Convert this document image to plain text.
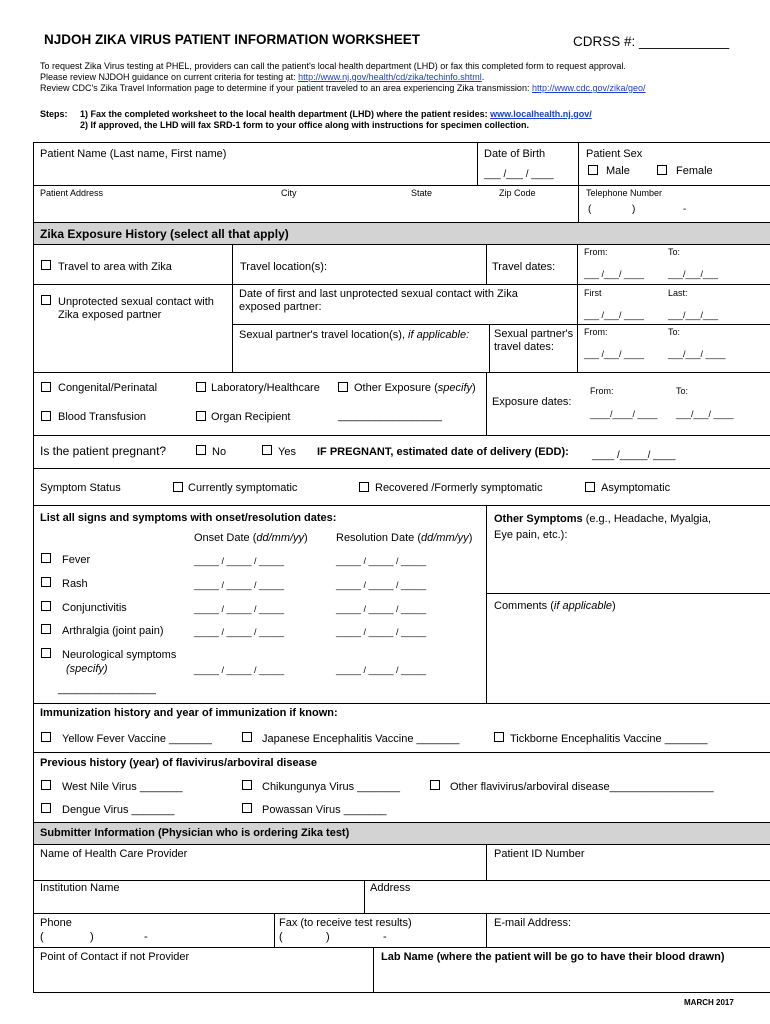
NJDOH ZIKA VIRUS PATIENT INFORMATION WORKSHEET	CDRSS #: ____________
To request Zika Virus testing at PHEL, providers can call the patient's local health department (LHD) or fax this completed form to request approval.
Please review NJDOH guidance on current criteria for testing at: http://www.nj.gov/health/cd/zika/techinfo.shtml.
Review CDC's Zika Travel Information page to determine if your patient traveled to an area experiencing Zika transmission: http://www.cdc.gov/zika/geo/
Steps: 1) Fax the completed worksheet to the local health department (LHD) where the patient resides: www.localhealth.nj.gov/
2) If approved, the LHD will fax SRD-1 form to your office along with instructions for specimen collection.
Patient Name (Last name, First name)	Date of Birth
___ /___ / ____
Patient Sex
Male	Female
Patient Address	City	State	Zip Code	Telephone Number
(	)	-
Zika Exposure History (select all that apply)
Travel to area with Zika	Travel location(s):	Travel dates:
From:	To:
___ /___/ ____	___/___/___
Unprotected sexual contact with
Zika exposed partner
Date of first and last unprotected sexual contact with Zika
exposed partner:
First	Last:
___ /___/ ____	___/___/___
Sexual partner's travel location(s), if applicable: Sexual partner's
travel dates:
From:	To:
___ /___/ ____	___/___/ ____
Congenital/Perinatal	Laboratory/Healthcare	Other Exposure (specify)
Blood Transfusion	Organ Recipient	_________________
Exposure dates:
From:	To:
____/____/ ____ ___/___/ ____
Is the patient pregnant?	No	Yes IF PREGNANT, estimated date of delivery (EDD): ____ /_____/ ____
Symptom Status	Currently symptomatic	Recovered /Formerly symptomatic	Asymptomatic
List all signs and symptoms with onset/resolution dates:
Onset Date (dd/mm/yy)	Resolution Date (dd/mm/yy)
Fever	_____ / _____ / _____	_____ / _____ / _____
Rash	_____ / _____ / _____	_____ / _____ / _____
Conjunctivitis	_____ / _____ / _____	_____ / _____ / _____
Arthralgia (joint pain)	_____ / _____ / _____	_____ / _____ / _____
Neurological symptoms
(specify)	_____ / _____ / _____	_____ / _____ / _____
________________
Other Symptoms (e.g., Headache, Myalgia,
Eye pain, etc.):
Comments (if applicable)
Immunization history and year of immunization if known:
Yellow Fever Vaccine _______	Japanese Encephalitis Vaccine _______	Tickborne Encephalitis Vaccine _______
Previous history (year) of flavivirus/arboviral disease
West Nile Virus _______	Chikungunya Virus _______	Other flavivirus/arboviral disease_________________
Dengue Virus _______	Powassan Virus _______
Submitter Information (Physician who is ordering Zika test)
Name of Health Care Provider	Patient ID Number
Institution Name	Address
Phone
(	)	-
Fax (to receive test results)
(	)	-
E-mail Address:
Point of Contact if not Provider	Lab Name (where the patient will be go to have their blood drawn)
MARCH 2017
